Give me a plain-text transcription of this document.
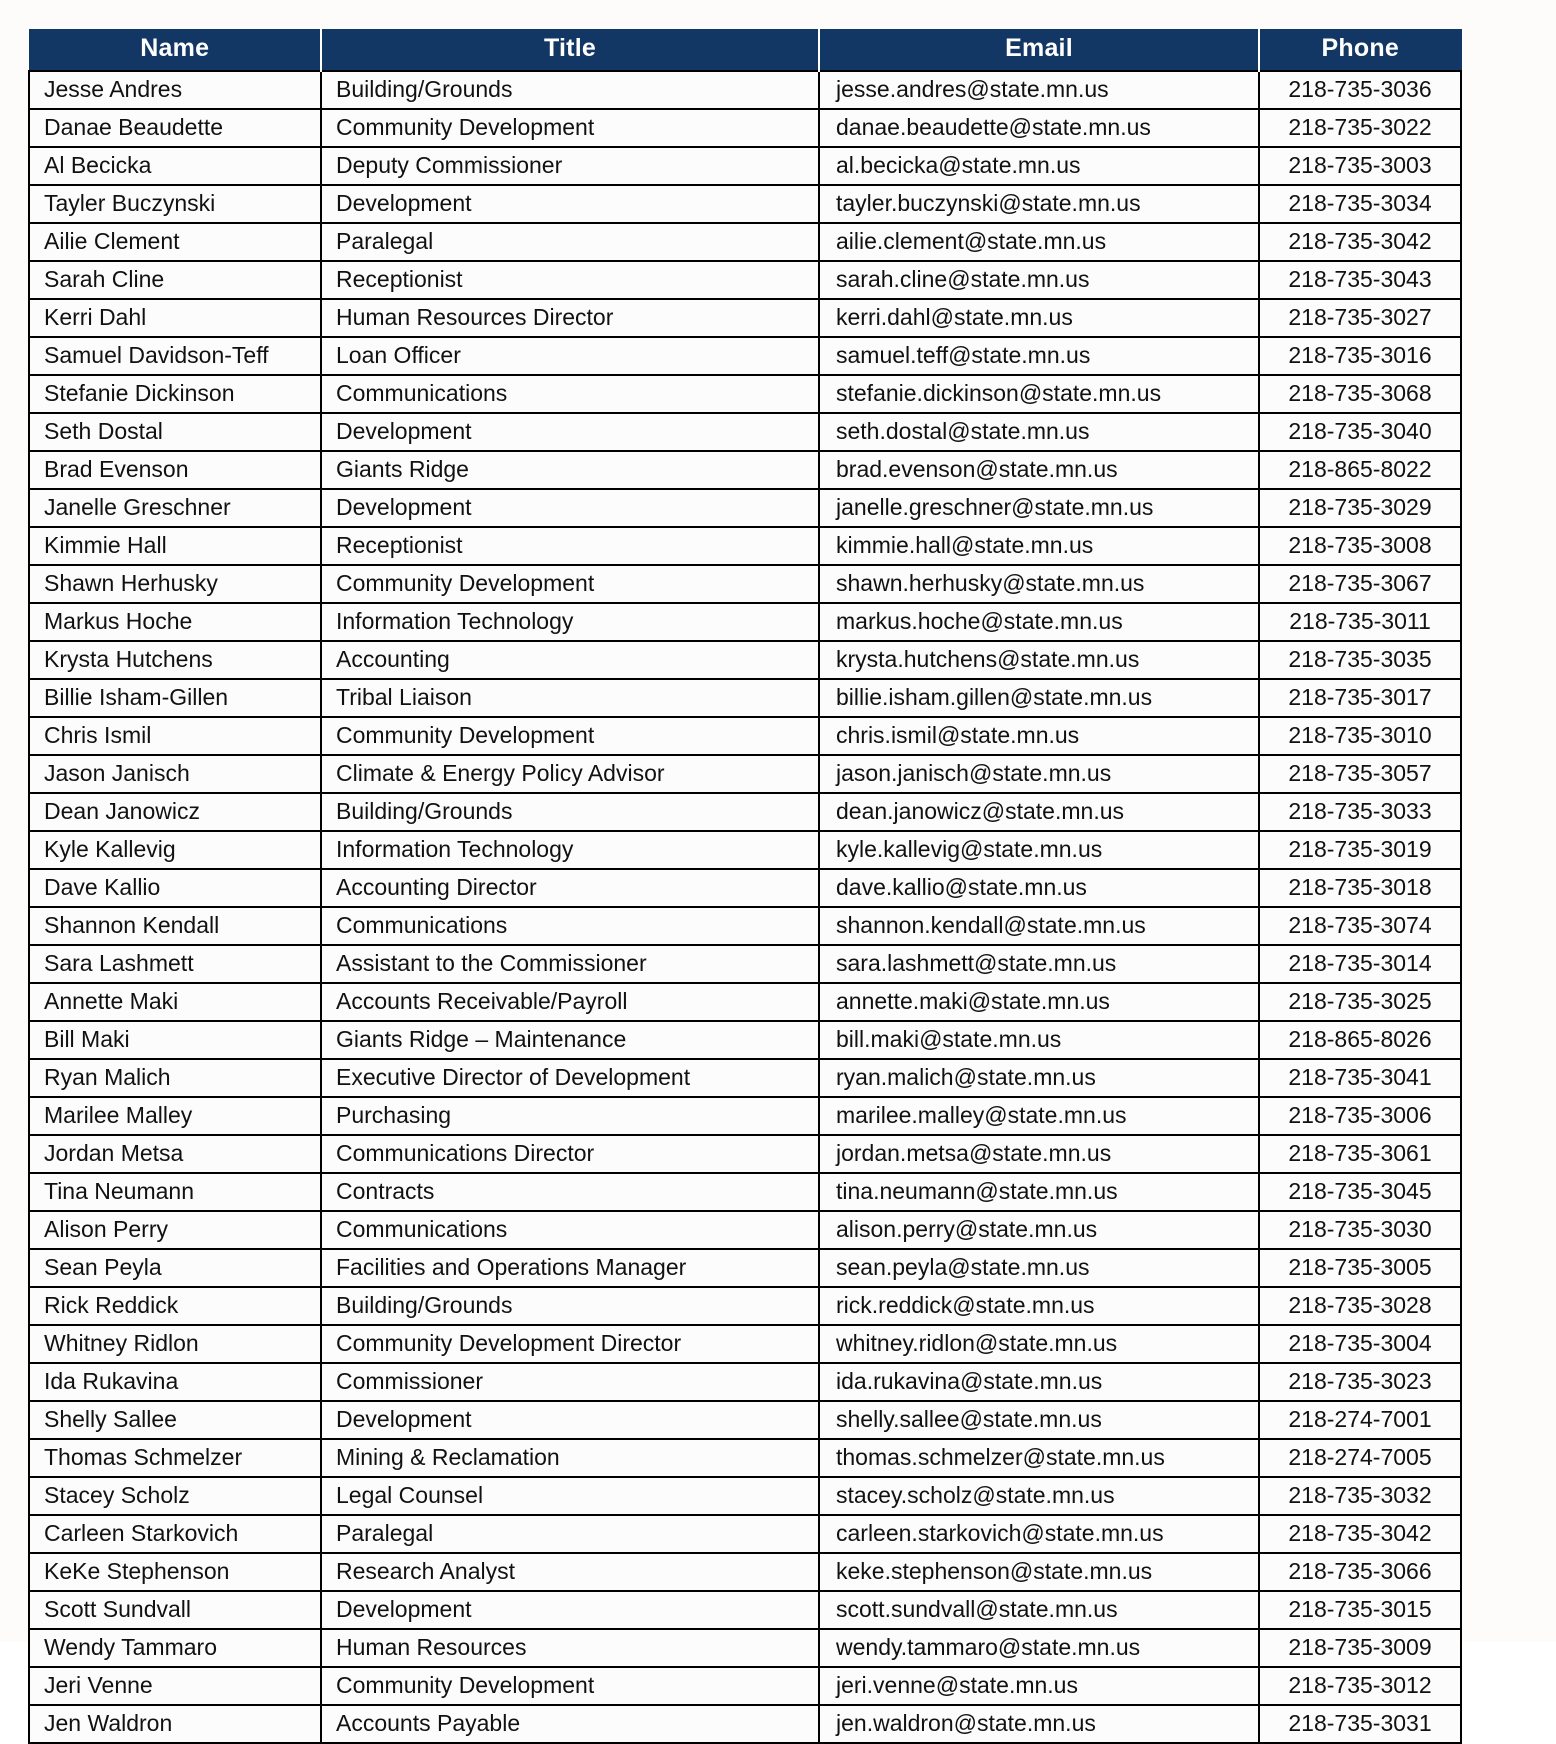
Name	Title	Email	Phone
Jesse Andres	Building/Grounds	jesse.andres@state.mn.us	218-735-3036
Danae Beaudette	Community Development	danae.beaudette@state.mn.us	218-735-3022
Al Becicka	Deputy Commissioner	al.becicka@state.mn.us	218-735-3003
Tayler Buczynski	Development	tayler.buczynski@state.mn.us	218-735-3034
Ailie Clement	Paralegal	ailie.clement@state.mn.us	218-735-3042
Sarah Cline	Receptionist	sarah.cline@state.mn.us	218-735-3043
Kerri Dahl	Human Resources Director	kerri.dahl@state.mn.us	218-735-3027
Samuel Davidson-Teff	Loan Officer	samuel.teff@state.mn.us	218-735-3016
Stefanie Dickinson	Communications	stefanie.dickinson@state.mn.us	218-735-3068
Seth Dostal	Development	seth.dostal@state.mn.us	218-735-3040
Brad Evenson	Giants Ridge	brad.evenson@state.mn.us	218-865-8022
Janelle Greschner	Development	janelle.greschner@state.mn.us	218-735-3029
Kimmie Hall	Receptionist	kimmie.hall@state.mn.us	218-735-3008
Shawn Herhusky	Community Development	shawn.herhusky@state.mn.us	218-735-3067
Markus Hoche	Information Technology	markus.hoche@state.mn.us	218-735-3011
Krysta Hutchens	Accounting	krysta.hutchens@state.mn.us	218-735-3035
Billie Isham-Gillen	Tribal Liaison	billie.isham.gillen@state.mn.us	218-735-3017
Chris Ismil	Community Development	chris.ismil@state.mn.us	218-735-3010
Jason Janisch	Climate & Energy Policy Advisor	jason.janisch@state.mn.us	218-735-3057
Dean Janowicz	Building/Grounds	dean.janowicz@state.mn.us	218-735-3033
Kyle Kallevig	Information Technology	kyle.kallevig@state.mn.us	218-735-3019
Dave Kallio	Accounting Director	dave.kallio@state.mn.us	218-735-3018
Shannon Kendall	Communications	shannon.kendall@state.mn.us	218-735-3074
Sara Lashmett	Assistant to the Commissioner	sara.lashmett@state.mn.us	218-735-3014
Annette Maki	Accounts Receivable/Payroll	annette.maki@state.mn.us	218-735-3025
Bill Maki	Giants Ridge – Maintenance	bill.maki@state.mn.us	218-865-8026
Ryan Malich	Executive Director of Development	ryan.malich@state.mn.us	218-735-3041
Marilee Malley	Purchasing	marilee.malley@state.mn.us	218-735-3006
Jordan Metsa	Communications Director	jordan.metsa@state.mn.us	218-735-3061
Tina Neumann	Contracts	tina.neumann@state.mn.us	218-735-3045
Alison Perry	Communications	alison.perry@state.mn.us	218-735-3030
Sean Peyla	Facilities and Operations Manager	sean.peyla@state.mn.us	218-735-3005
Rick Reddick	Building/Grounds	rick.reddick@state.mn.us	218-735-3028
Whitney Ridlon	Community Development Director	whitney.ridlon@state.mn.us	218-735-3004
Ida Rukavina	Commissioner	ida.rukavina@state.mn.us	218-735-3023
Shelly Sallee	Development	shelly.sallee@state.mn.us	218-274-7001
Thomas Schmelzer	Mining & Reclamation	thomas.schmelzer@state.mn.us	218-274-7005
Stacey Scholz	Legal Counsel	stacey.scholz@state.mn.us	218-735-3032
Carleen Starkovich	Paralegal	carleen.starkovich@state.mn.us	218-735-3042
KeKe Stephenson	Research Analyst	keke.stephenson@state.mn.us	218-735-3066
Scott Sundvall	Development	scott.sundvall@state.mn.us	218-735-3015
Wendy Tammaro	Human Resources	wendy.tammaro@state.mn.us	218-735-3009
Jeri Venne	Community Development	jeri.venne@state.mn.us	218-735-3012
Jen Waldron	Accounts Payable	jen.waldron@state.mn.us	218-735-3031
